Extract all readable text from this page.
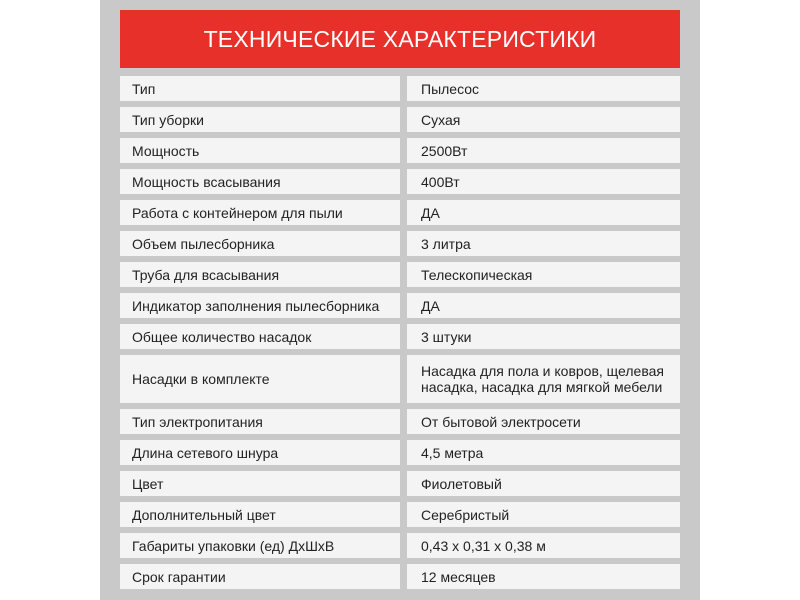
ТЕХНИЧЕСКИЕ ХАРАКТЕРИСТИКИ
Тип	Пылесос
Тип уборки	Сухая
Мощность	2500Вт
Мощность всасывания	400Вт
Работа с контейнером для пыли	ДА
Объем пылесборника	3 литра
Труба для всасывания	Телескопическая
Индикатор заполнения пылесборника	ДА
Общее количество насадок	3 штуки
Насадки в комплекте	Насадка для пола и ковров, щелевая насадка, насадка для мягкой мебели
Тип электропитания	От бытовой электросети
Длина сетевого шнура	4,5 метра
Цвет	Фиолетовый
Дополнительный цвет	Серебристый
Габариты упаковки (ед) ДхШхВ	0,43 x 0,31 x 0,38 м
Срок гарантии	12 месяцев
